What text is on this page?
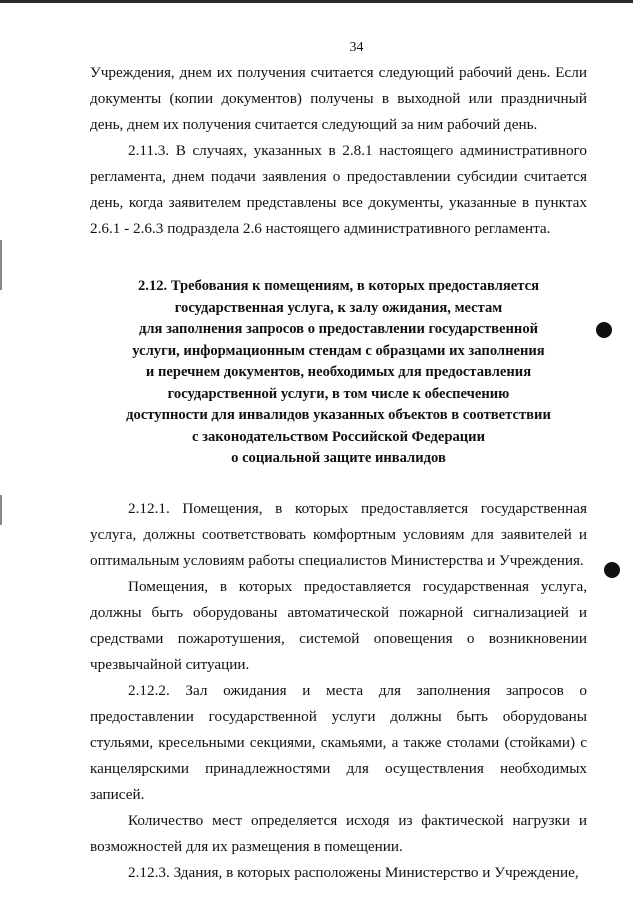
34

Учреждения, днем их получения считается следующий рабочий день. Если документы (копии документов) получены в выходной или праздничный день, днем их получения считается следующий за ним рабочий день.

2.11.3. В случаях, указанных в 2.8.1 настоящего административного регламента, днем подачи заявления о предоставлении субсидии считается день, когда заявителем представлены все документы, указанные в пунктах 2.6.1 - 2.6.3 подраздела 2.6 настоящего административного регламента.

2.12. Требования к помещениям, в которых предоставляется
государственная услуга, к залу ожидания, местам
для заполнения запросов о предоставлении государственной
услуги, информационным стендам с образцами их заполнения
и перечнем документов, необходимых для предоставления
государственной услуги, в том числе к обеспечению
доступности для инвалидов указанных объектов в соответствии
с законодательством Российской Федерации
о социальной защите инвалидов

2.12.1. Помещения, в которых предоставляется государственная услуга, должны соответствовать комфортным условиям для заявителей и оптимальным условиям работы специалистов Министерства и Учреждения.

Помещения, в которых предоставляется государственная услуга, должны быть оборудованы автоматической пожарной сигнализацией и средствами пожаротушения, системой оповещения о возникновении чрезвычайной ситуации.

2.12.2. Зал ожидания и места для заполнения запросов о предоставлении государственной услуги должны быть оборудованы стульями, кресельными секциями, скамьями, а также столами (стойками) с канцелярскими принадлежностями для осуществления необходимых записей.

Количество мест определяется исходя из фактической нагрузки и возможностей для их размещения в помещении.

2.12.3. Здания, в которых расположены Министерство и Учреждение,
